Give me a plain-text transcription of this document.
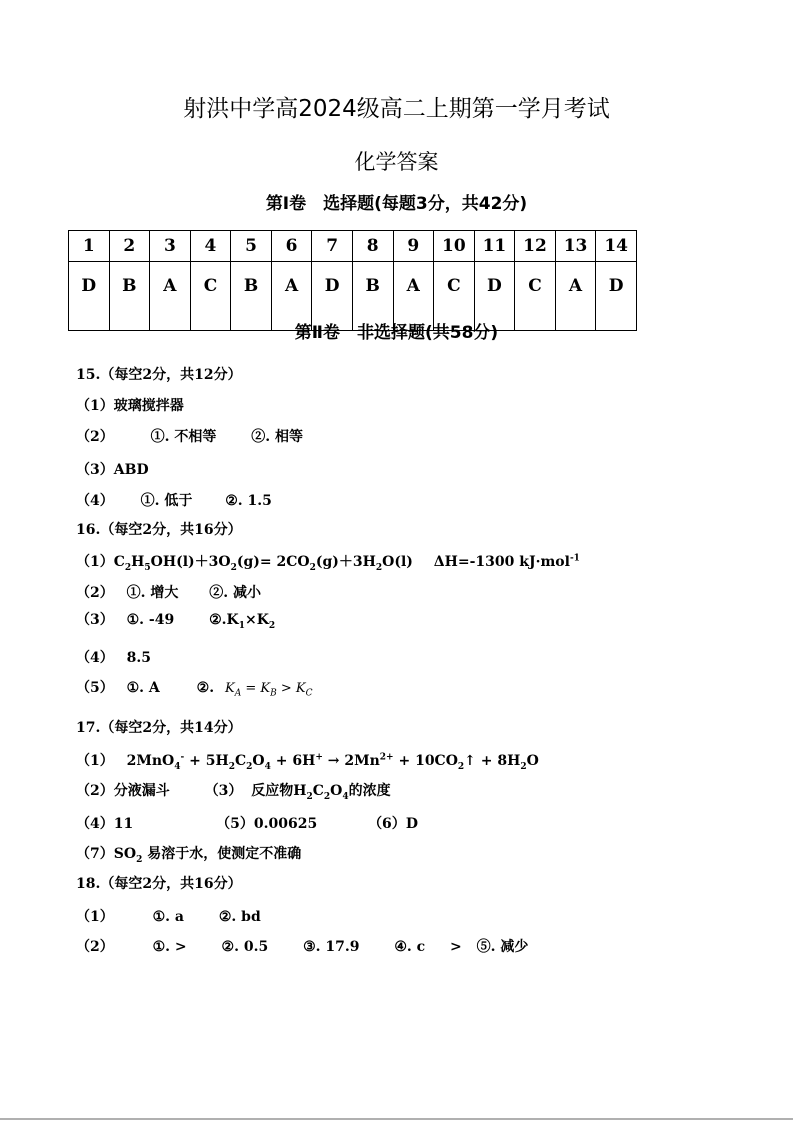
射洪中学高2024级高二上期第一学月考试
化学答案
第Ⅰ卷　选择题(每题3分，共42分)
1	2	3	4	5	6	7	8	9	10	11	12	13	14
D	B	A	C	B	A	D	B	A	C	D	C	A	D
第Ⅱ卷　非选择题(共58分)
15.（每空2分，共12分）
（1）玻璃搅拌器
（2）	①. 不相等 ②. 相等
（3）ABD
（4） ①. 低于 ②. 1.5
16.（每空2分，共16分）
$(1)C_2H_5OH(l)+3O_2(g)= 2CO_2(g)+3H_2O(l)$ ΔH=-1300 kJ·mol$^{-1}$
（2） ①. 增大 ②. 减小
（3） ①. -49 $②.K_1\times K_2$
（4） 8.5
（5） ①. A	②. $K_A = K_B > K_C$
17.（每空2分，共14分）
（1） $2MnO_4^- + 5H_2C_2O_4 + 6H^+ \to 2Mn^{2+}$ + $10CO_2↑ + 8H_2O$
（2）分液漏斗 （3） 反应物$H_2C_2O_4$的浓度
（4）11	（5）0.00625	（6）D
$(7)SO_2$ 易溶于水，使测定不准确
18.（每空2分，共16分）
（1）	①. a ②. bd
（2）	①. > ②. 0.5 ③. 17.9 ④. c > ⑤. 减少
